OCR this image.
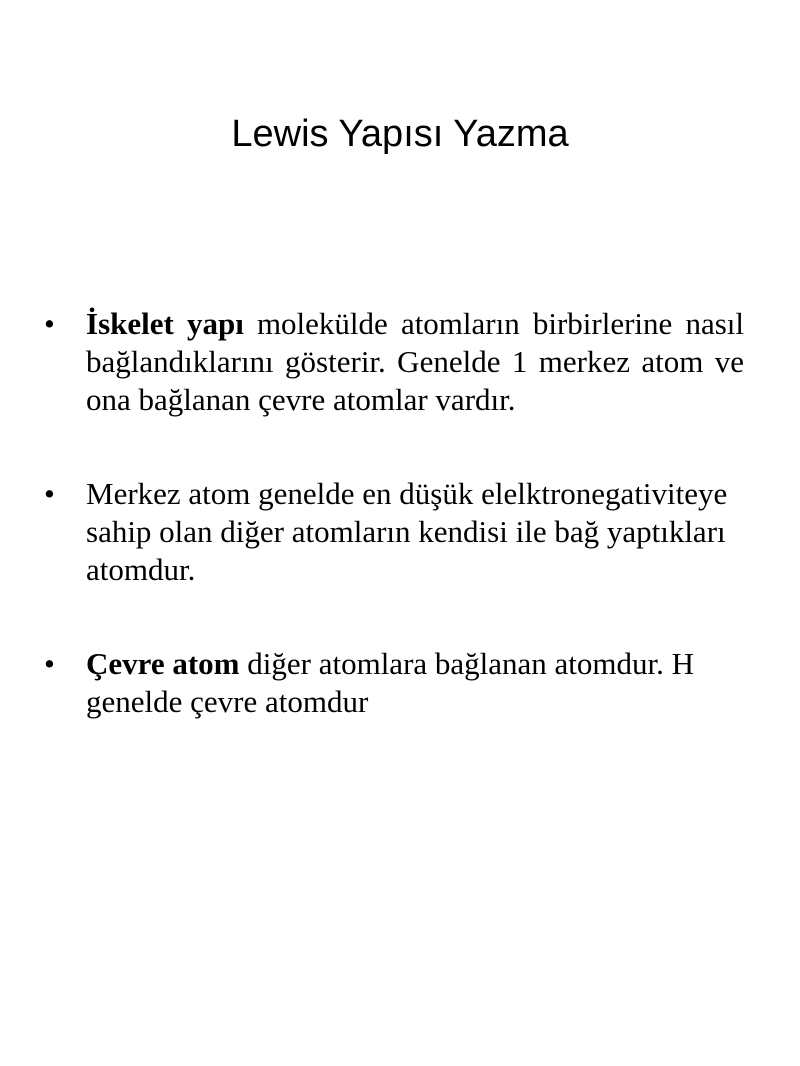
Lewis Yapısı Yazma
•	İskelet yapı molekülde atomların birbirlerine nasıl bağlandıklarını gösterir. Genelde 1 merkez atom ve ona bağlanan çevre atomlar vardır.
•	Merkez atom genelde en düşük elelktronegativiteye sahip olan diğer atomların kendisi ile bağ yaptıkları atomdur.
•	Çevre atom diğer atomlara bağlanan atomdur. H genelde çevre atomdur
